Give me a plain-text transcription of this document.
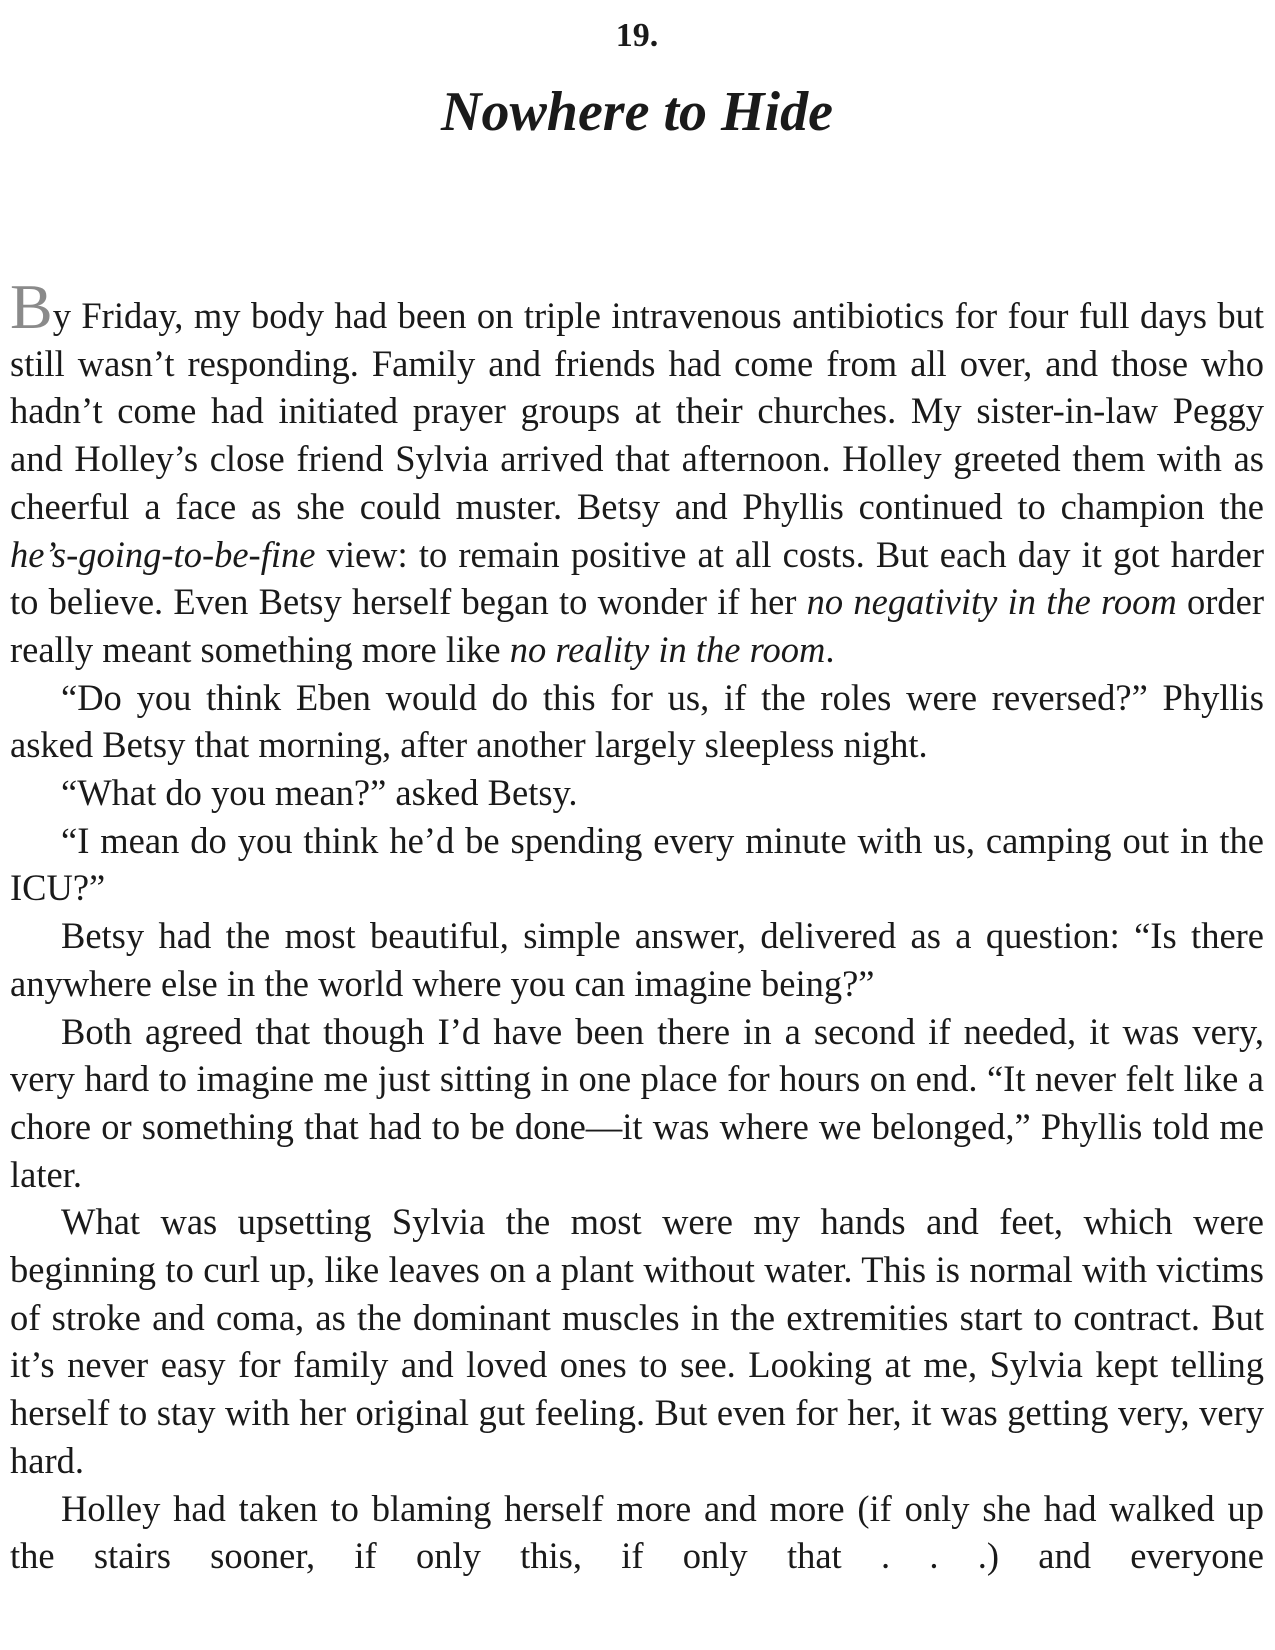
19.
Nowhere to Hide

By Friday, my body had been on triple intravenous antibiotics for four full days but still wasn’t responding. Family and friends had come from all over, and those who hadn’t come had initiated prayer groups at their churches. My sister-in-law Peggy and Holley’s close friend Sylvia arrived that afternoon. Holley greeted them with as cheerful a face as she could muster. Betsy and Phyllis continued to champion the he’s-going-to-be-fine view: to remain positive at all costs. But each day it got harder to believe. Even Betsy herself began to wonder if her no negativity in the room order really meant something more like no reality in the room.

“Do you think Eben would do this for us, if the roles were reversed?” Phyllis asked Betsy that morning, after another largely sleepless night.

“What do you mean?” asked Betsy.

“I mean do you think he’d be spending every minute with us, camping out in the ICU?”

Betsy had the most beautiful, simple answer, delivered as a question: “Is there anywhere else in the world where you can imagine being?”

Both agreed that though I’d have been there in a second if needed, it was very, very hard to imagine me just sitting in one place for hours on end. “It never felt like a chore or something that had to be done—it was where we belonged,” Phyllis told me later.

What was upsetting Sylvia the most were my hands and feet, which were beginning to curl up, like leaves on a plant without water. This is normal with victims of stroke and coma, as the dominant muscles in the extremities start to contract. But it’s never easy for family and loved ones to see. Looking at me, Sylvia kept telling herself to stay with her original gut feeling. But even for her, it was getting very, very hard.

Holley had taken to blaming herself more and more (if only she had walked up the stairs sooner, if only this, if only that . . .) and everyone
